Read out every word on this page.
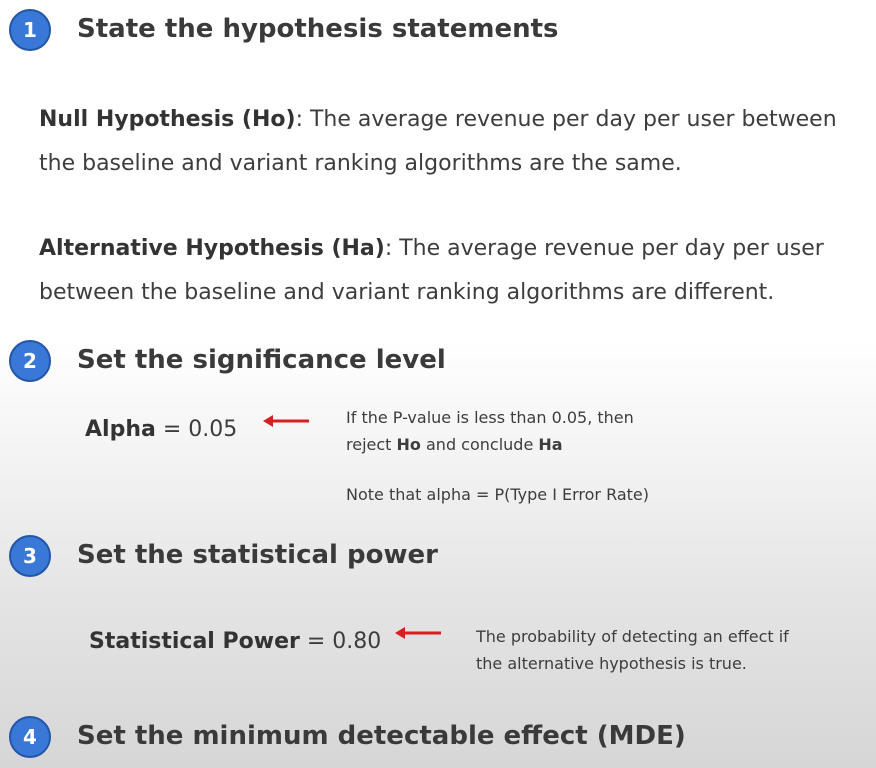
1 State the hypothesis statements
Null Hypothesis (Ho): The average revenue per day per user between the baseline and variant ranking algorithms are the same.
Alternative Hypothesis (Ha): The average revenue per day per user between the baseline and variant ranking algorithms are different.
2 Set the significance level
Alpha = 0.05	If the P-value is less than 0.05, then
reject Ho and conclude Ha
Note that alpha = P(Type I Error Rate)
3 Set the statistical power
Statistical Power = 0.80	The probability of detecting an effect if the alternative hypothesis is true.
4 Set the minimum detectable effect (MDE)
